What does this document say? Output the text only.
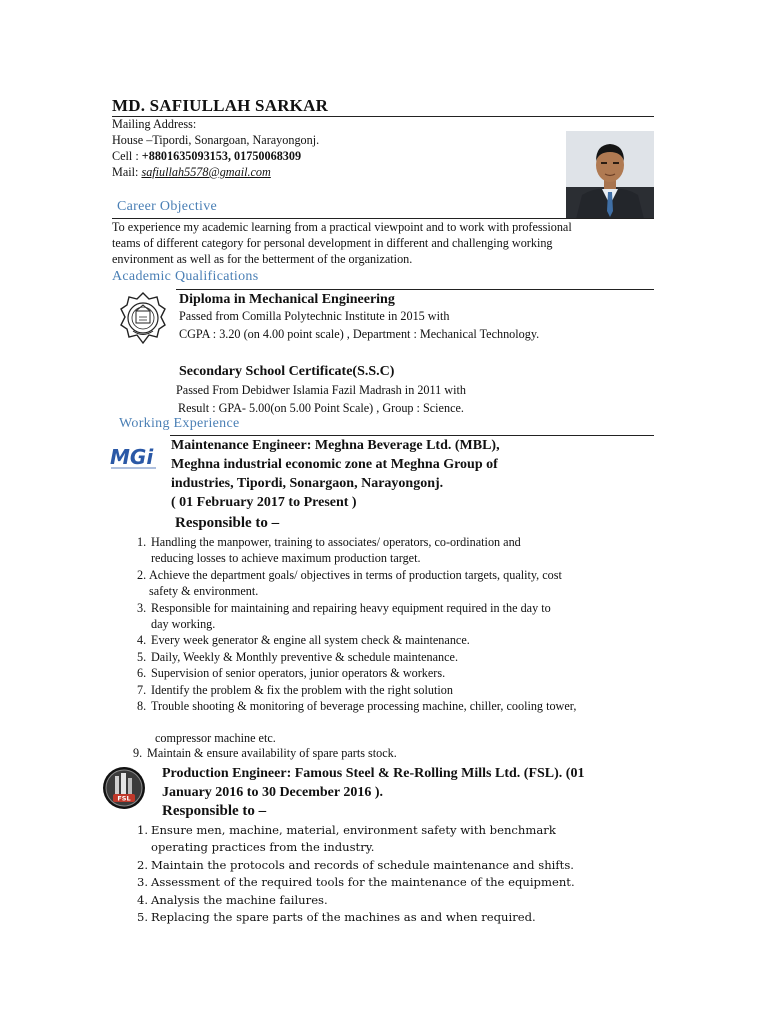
MD. SAFIULLAH SARKAR
Mailing Address:
House –Tipordi, Sonargoan, Narayongonj.
Cell : +8801635093153, 01750068309
Mail: safiullah5578@gmail.com
Career Objective
To experience my academic learning from a practical viewpoint and to work with professional
teams of different category for personal development in different and challenging working
environment as well as for the betterment of the organization.
Academic Qualifications
Diploma in Mechanical Engineering
Passed from Comilla Polytechnic Institute in 2015 with
CGPA : 3.20 (on 4.00 point scale) , Department : Mechanical Technology.
Secondary School Certificate(S.S.C)
Passed From Debidwer Islamia Fazil Madrash in 2011 with
Result : GPA- 5.00(on 5.00 Point Scale) , Group : Science.
Working Experience
MGi Maintenance Engineer: Meghna Beverage Ltd. (MBL),
Meghna industrial economic zone at Meghna Group of
industries, Tipordi, Sonargaon, Narayongonj.
( 01 February 2017 to Present )
Responsible to –
1. Handling the manpower, training to associates/ operators, co-ordination and
reducing losses to achieve maximum production target.
2. Achieve the department goals/ objectives in terms of production targets, quality, cost
safety & environment.
3. Responsible for maintaining and repairing heavy equipment required in the day to
day working.
4. Every week generator & engine all system check & maintenance.
5. Daily, Weekly & Monthly preventive & schedule maintenance.
6. Supervision of senior operators, junior operators & workers.
7. Identify the problem & fix the problem with the right solution
8. Trouble shooting & monitoring of beverage processing machine, chiller, cooling tower,
compressor machine etc.
9. Maintain & ensure availability of spare parts stock.
FSL
Production Engineer: Famous Steel & Re-Rolling Mills Ltd. (FSL). (01
January 2016 to 30 December 2016 ).
Responsible to –
1. Ensure men, machine, material, environment safety with benchmark
operating practices from the industry.
2. Maintain the protocols and records of schedule maintenance and shifts.
3. Assessment of the required tools for the maintenance of the equipment.
4. Analysis the machine failures.
5. Replacing the spare parts of the machines as and when required.
